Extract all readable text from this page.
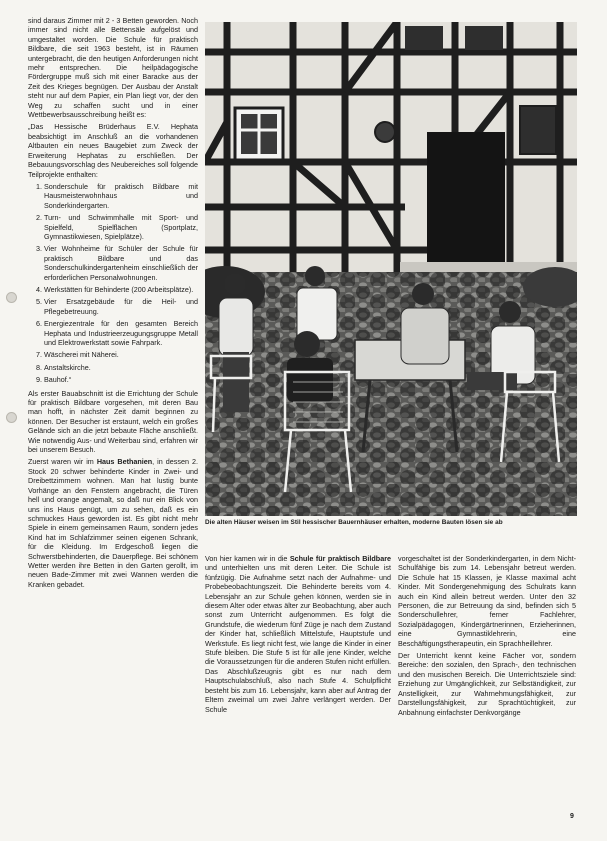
sind daraus Zimmer mit 2 - 3 Betten geworden. Noch immer sind nicht alle Bettensäle aufgelöst und umgestaltet worden. Die Schule für praktisch Bildbare, die seit 1963 besteht, ist in Räumen untergebracht, die den heutigen Anforderungen nicht mehr entsprechen. Die heilpädagogische Fördergruppe muß sich mit einer Baracke aus der Zeit des Krieges begnügen. Der Ausbau der Anstalt steht nur auf dem Papier, ein Plan liegt vor, der den Weg zu schaffen sucht und in einer Wettbewerbsausschreibung heißt es:

„Das Hessische Brüderhaus E.V. Hephata beabsichtigt im Anschluß an die vorhandenen Altbauten ein neues Baugebiet zum Zweck der Erweiterung Hephatas zu erschließen. Der Bebauungsvorschlag des Neubereiches soll folgende Teilprojekte enthalten:

1. Sonderschule für praktisch Bildbare mit Hausmeisterwohnhaus und Sonderkindergarten.
2. Turn- und Schwimmhalle mit Sport- und Spielfeld, Spielflächen (Sportplatz, Gymnastikwiesen, Spielplätze).
3. Vier Wohnheime für Schüler der Schule für praktisch Bildbare und das Sonderschulkindergartenheim einschließlich der erforderlichen Personalwohnungen.
4. Werkstätten für Behinderte (200 Arbeitsplätze).
5. Vier Ersatzgebäude für die Heil- und Pflegebetreuung.
6. Energiezentrale für den gesamten Bereich Hephata und Industrieerzeugungsgruppe Metall und Elektrowerkstatt sowie Fahrpark.
7. Wäscherei mit Näherei.
8. Anstaltskirche.
9. Bauhof.“

Als erster Bauabschnitt ist die Errichtung der Schule für praktisch Bildbare vorgesehen, mit deren Bau man hofft, in nächster Zeit damit beginnen zu können. Der Besucher ist erstaunt, welch ein großes Gelände sich an die jetzt bebaute Fläche anschließt. Wie notwendig Aus- und Weiterbau sind, erfahren wir bei unserem Besuch.

Zuerst waren wir im Haus Bethanien, in dessen 2. Stock 20 schwer behinderte Kinder in Zwei- und Dreibettzimmern wohnen. Man hat lustig bunte Vorhänge an den Fenstern angebracht, die Türen hell und orange angemalt, so daß nur ein Blick von uns ins Haus genügt, um zu sehen, daß es ein schmuckes Haus geworden ist. Es gibt nicht mehr Spiele in einem gemeinsamen Raum, sondern jedes Kind hat im Schlafzimmer seinen eigenen Schrank, für die Kleidung. Im Erdgeschoß liegen die Schwerstbehinderten, die Dauerpflege. Bei schönem Wetter werden ihre Betten in den Garten gerollt, im neuen Bade-Zimmer mit zwei Wannen werden die Kranken gebadet.

Die alten Häuser weisen im Stil hessischer Bauernhäuser erhalten, moderne Bauten lösen sie ab

Von hier kamen wir in die Schule für praktisch Bildbare und unterhielten uns mit deren Leiter. Die Schule ist fünfzügig. Die Aufnahme setzt nach der Aufnahme- und Probebeobachtungszeit. Die Behinderte bereits vom 4. Lebensjahr an zur Schule gehen können, werden sie in diesem Alter oder etwas älter zur Beobachtung, aber auch sonst zum Unterricht aufgenommen. Es folgt die Grundstufe, die wiederum fünf Züge je nach dem Zustand der Kinder hat, schließlich Mittelstufe, Hauptstufe und Werkstufe. Es liegt nicht fest, wie lange die Kinder in einer Stufe bleiben. Die Stufe 5 ist für alle jene Kinder, welche die Voraussetzungen für die anderen Stufen nicht erfüllen. Das Abschlußzeugnis gibt es nur nach dem Hauptschulabschluß, also nach Stufe 4. Schulpflicht besteht bis zum 16. Lebensjahr, kann aber auf Antrag der Eltern zweimal um zwei Jahre verlängert werden. Der Schule

vorgeschaltet ist der Sonderkindergarten, in dem Nicht-Schulfähige bis zum 14. Lebensjahr betreut werden. Die Schule hat 15 Klassen, je Klasse maximal acht Kinder. Mit Sondergenehmigung des Schulrats kann auch ein Kind allein betreut werden. Unter den 32 Personen, die zur Betreuung da sind, befinden sich 5 Sonderschullehrer, ferner Fachlehrer, Sozialpädagogen, Kindergärtnerinnen, Erzieherinnen, eine Gymnastiklehrerin, eine Beschäftigungstherapeutin, ein Sprachheillehrer.

Der Unterricht kennt keine Fächer vor, sondern Bereiche: den sozialen, den Sprach-, den technischen und den musischen Bereich. Die Unterrichtsziele sind: Erziehung zur Umgänglichkeit, zur Selbständigkeit, zur Anstelligkeit, zur Wahrnehmungsfähigkeit, zur Darstellungsfähigkeit, zur Sprachtüchtigkeit, zur Anbahnung einfachster Denkvorgänge

9
